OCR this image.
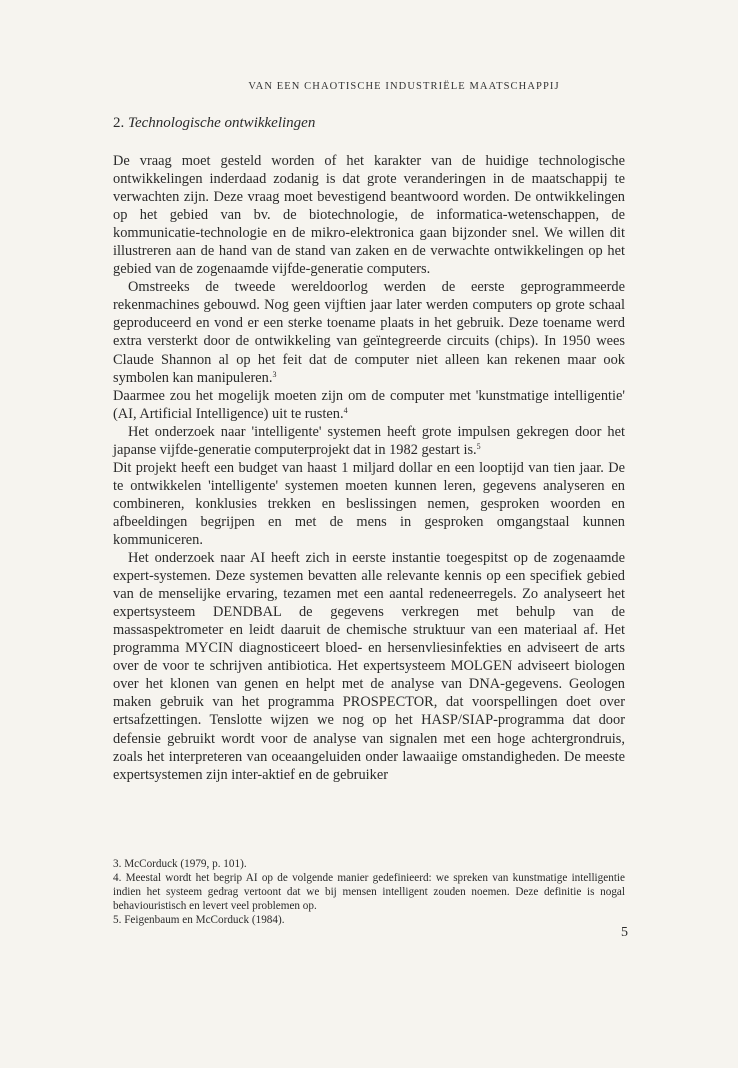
VAN EEN CHAOTISCHE INDUSTRIËLE MAATSCHAPPIJ
2. Technologische ontwikkelingen

De vraag moet gesteld worden of het karakter van de huidige technologische ontwikkelingen inderdaad zodanig is dat grote veranderingen in de maatschappij te verwachten zijn. Deze vraag moet bevestigend beantwoord worden. De ontwikkelingen op het gebied van bv. de biotechnologie, de informatica-wetenschappen, de kommunicatie-technologie en de mikro-elektronica gaan bijzonder snel. We willen dit illustreren aan de hand van de stand van zaken en de verwachte ontwikkelingen op het gebied van de zogenaamde vijfde-generatie computers.

Omstreeks de tweede wereldoorlog werden de eerste geprogrammeerde rekenmachines gebouwd. Nog geen vijftien jaar later werden computers op grote schaal geproduceerd en vond er een sterke toename plaats in het gebruik. Deze toename werd extra versterkt door de ontwikkeling van geïntegreerde circuits (chips). In 1950 wees Claude Shannon al op het feit dat de computer niet alleen kan rekenen maar ook symbolen kan manipuleren.$^3$
Daarmee zou het mogelijk moeten zijn om de computer met 'kunstmatige intelligentie' (AI, Artificial Intelligence) uit te rusten.$^4$

Het onderzoek naar 'intelligente' systemen heeft grote impulsen gekregen door het japanse vijfde-generatie computerprojekt dat in 1982 gestart is.$^5$
Dit projekt heeft een budget van haast 1 miljard dollar en een looptijd van tien jaar. De te ontwikkelen 'intelligente' systemen moeten kunnen leren, gegevens analyseren en combineren, konklusies trekken en beslissingen nemen, gesproken woorden en afbeeldingen begrijpen en met de mens in gesproken omgangstaal kunnen kommuniceren.

Het onderzoek naar AI heeft zich in eerste instantie toegespitst op de zogenaamde expert-systemen. Deze systemen bevatten alle relevante kennis op een specifiek gebied van de menselijke ervaring, tezamen met een aantal redeneerregels. Zo analyseert het expertsysteem DENDBAL de gegevens verkregen met behulp van de massaspektrometer en leidt daaruit de chemische struktuur van een materiaal af. Het programma MYCIN diagnosticeert bloed- en hersenvliesinfekties en adviseert de arts over de voor te schrijven antibiotica. Het expertsysteem MOLGEN adviseert biologen over het klonen van genen en helpt met de analyse van DNA-gegevens. Geologen maken gebruik van het programma PROSPECTOR, dat voorspellingen doet over ertsafzettingen. Tenslotte wijzen we nog op het HASP/SIAP-programma dat door defensie gebruikt wordt voor de analyse van signalen met een hoge achtergrondruis, zoals het interpreteren van oceaangeluiden onder lawaaiige omstandigheden. De meeste expertsystemen zijn inter-aktief en de gebruiker

3. McCorduck (1979, p. 101).

4. Meestal wordt het begrip AI op de volgende manier gedefinieerd: we spreken van kunstmatige intelligentie indien het systeem gedrag vertoont dat we bij mensen intelligent zouden noemen. Deze definitie is nogal behaviouristisch en levert veel problemen op.

5. Feigenbaum en McCorduck (1984).

5
